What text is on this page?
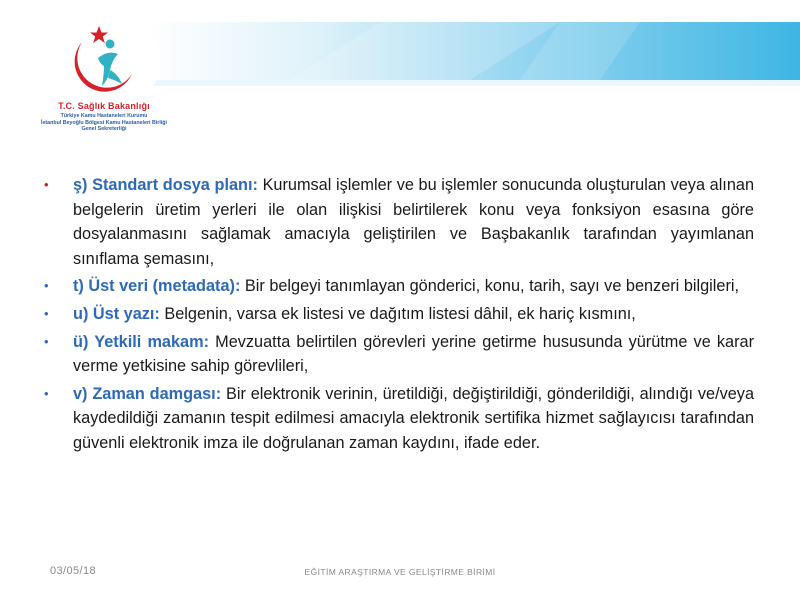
T.C. Sağlık Bakanlığı
Türkiye Kamu Hastaneleri Kurumu
İstanbul Beyoğlu Bölgesi Kamu Hastaneleri Birliği
Genel Sekreterliği
• ş) Standart dosya planı: Kurumsal işlemler ve bu işlemler sonucunda oluşturulan veya alınan belgelerin üretim yerleri ile olan ilişkisi belirtilerek konu veya fonksiyon esasına göre dosyalanmasını sağlamak amacıyla geliştirilen ve Başbakanlık tarafından yayımlanan sınıflama şemasını,
• t) Üst veri (metadata): Bir belgeyi tanımlayan gönderici, konu, tarih, sayı ve benzeri bilgileri,
• u) Üst yazı: Belgenin, varsa ek listesi ve dağıtım listesi dâhil, ek hariç kısmını,
• ü) Yetkili makam: Mevzuatta belirtilen görevleri yerine getirme hususunda yürütme ve karar verme yetkisine sahip görevlileri,
• v) Zaman damgası: Bir elektronik verinin, üretildiği, değiştirildiği, gönderildiği, alındığı ve/veya kaydedildiği zamanın tespit edilmesi amacıyla elektronik sertifika hizmet sağlayıcısı tarafından güvenli elektronik imza ile doğrulanan zaman kaydını, ifade eder.
03/05/18	EĞİTİM ARAŞTIRMA VE GELİŞTİRME BİRİMİ
